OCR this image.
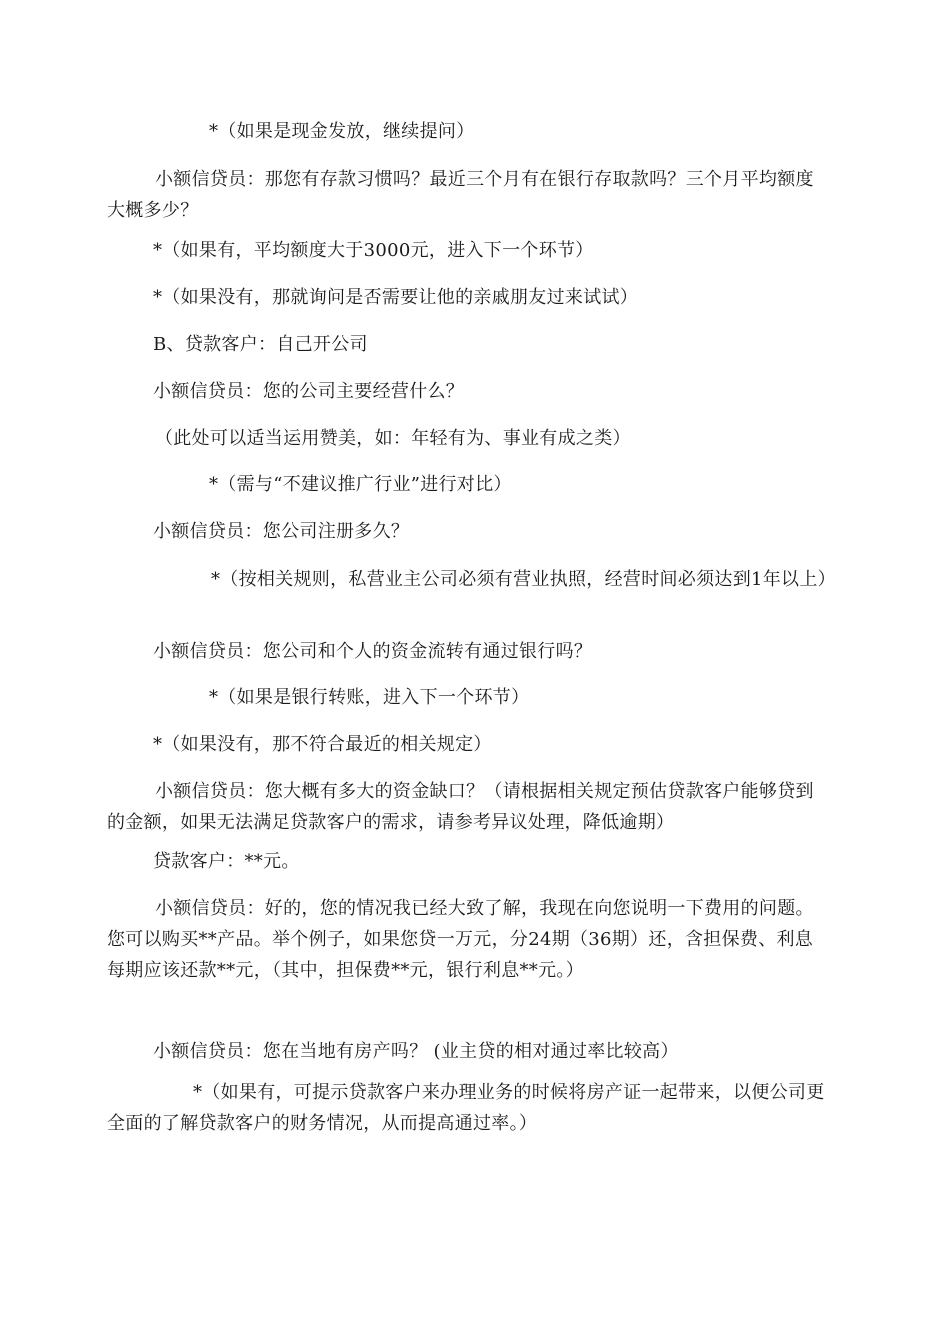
*（如果是现金发放，继续提问）

小额信贷员：那您有存款习惯吗？最近三个月有在银行存取款吗？三个月平均额度大概多少？

*（如果有，平均额度大于3000元，进入下一个环节）

*（如果没有，那就询问是否需要让他的亲戚朋友过来试试）

B、贷款客户：自己开公司

小额信贷员：您的公司主要经营什么？

（此处可以适当运用赞美，如：年轻有为、事业有成之类）

*（需与“不建议推广行业”进行对比）

小额信贷员：您公司注册多久？

*（按相关规则，私营业主公司必须有营业执照，经营时间必须达到1年以上）

小额信贷员：您公司和个人的资金流转有通过银行吗？

*（如果是银行转账，进入下一个环节）

*（如果没有，那不符合最近的相关规定）

小额信贷员：您大概有多大的资金缺口？（请根据相关规定预估贷款客户能够贷到的金额，如果无法满足贷款客户的需求，请参考异议处理，降低逾期）

贷款客户：**元。

小额信贷员：好的，您的情况我已经大致了解，我现在向您说明一下费用的问题。您可以购买**产品。举个例子，如果您贷一万元，分24期（36期）还，含担保费、利息每期应该还款**元，（其中，担保费**元，银行利息**元。）

小额信贷员：您在当地有房产吗？ (业主贷的相对通过率比较高）

*（如果有，可提示贷款客户来办理业务的时候将房产证一起带来，以便公司更全面的了解贷款客户的财务情况，从而提高通过率。）
